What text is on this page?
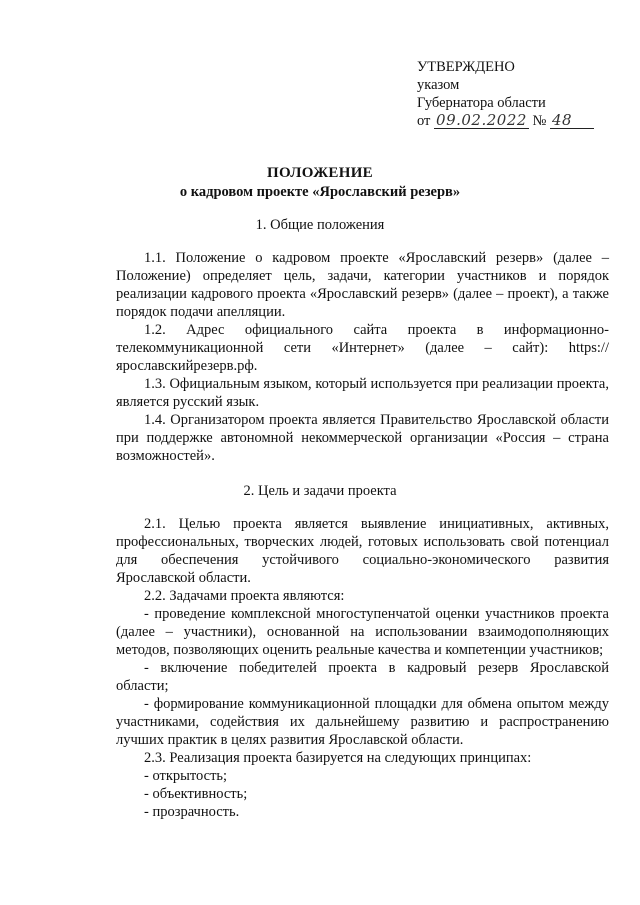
УТВЕРЖДЕНО
указом
Губернатора области
от 09.02.2022 № 48
ПОЛОЖЕНИЕ
о кадровом проекте «Ярославский резерв»
1. Общие положения

1.1. Положение о кадровом проекте «Ярославский резерв» (далее – Положение) определяет цель, задачи, категории участников и порядок реализации кадрового проекта «Ярославский резерв» (далее – проект), а также порядок подачи апелляции.

1.2. Адрес официального сайта проекта в информационно-телекоммуникационной сети «Интернет» (далее – сайт): https://ярославскийрезерв.рф.

1.3. Официальным языком, который используется при реализации проекта, является русский язык.

1.4. Организатором проекта является Правительство Ярославской области при поддержке автономной некоммерческой организации «Россия – страна возможностей».

2. Цель и задачи проекта

2.1. Целью проекта является выявление инициативных, активных, профессиональных, творческих людей, готовых использовать свой потенциал для обеспечения устойчивого социально-экономического развития Ярославской области.

2.2. Задачами проекта являются:

- проведение комплексной многоступенчатой оценки участников проекта (далее – участники), основанной на использовании взаимодополняющих методов, позволяющих оценить реальные качества и компетенции участников;

- включение победителей проекта в кадровый резерв Ярославской области;

- формирование коммуникационной площадки для обмена опытом между участниками, содействия их дальнейшему развитию и распространению лучших практик в целях развития Ярославской области.

2.3. Реализация проекта базируется на следующих принципах:

- открытость;

- объективность;

- прозрачность.
